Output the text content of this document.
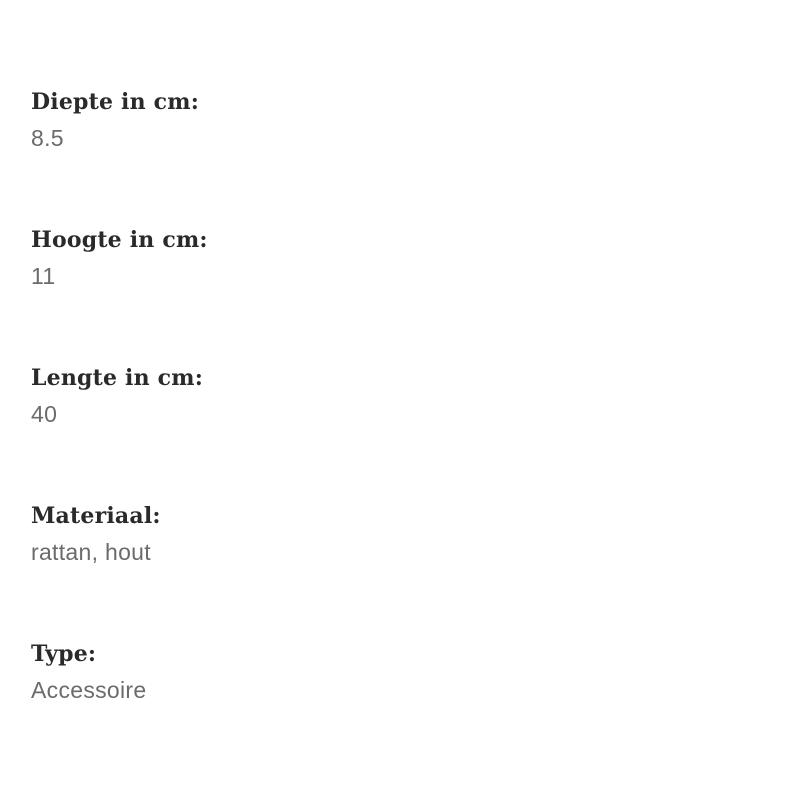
Diepte in cm:

8.5

Hoogte in cm:

11

Lengte in cm:

40

Materiaal:

rattan, hout

Type:

Accessoire
